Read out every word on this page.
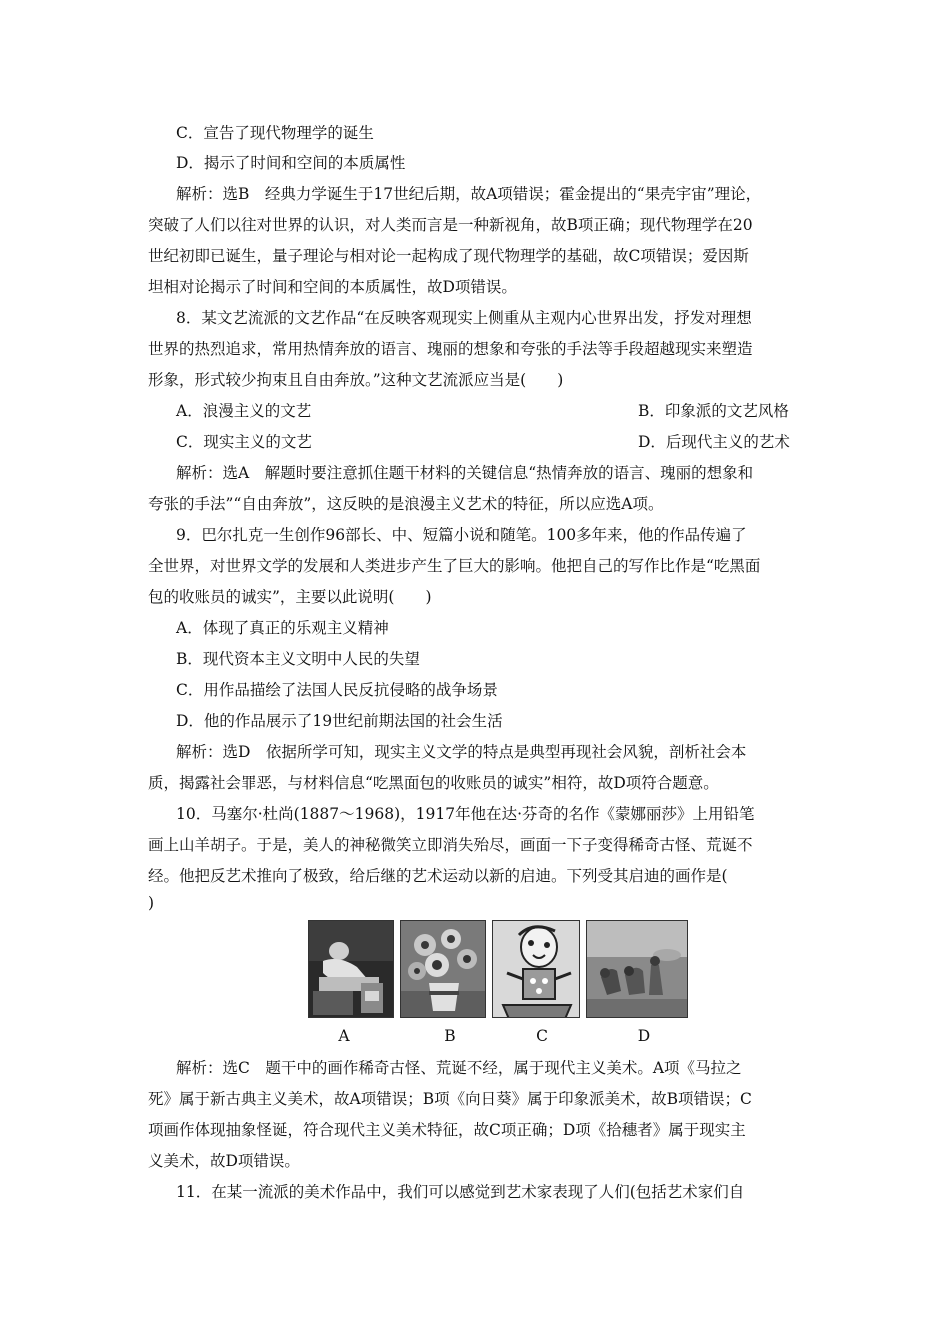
C．宣告了现代物理学的诞生
D．揭示了时间和空间的本质属性
解析：选B　经典力学诞生于17世纪后期，故A项错误；霍金提出的“果壳宇宙”理论，
突破了人们以往对世界的认识，对人类而言是一种新视角，故B项正确；现代物理学在20
世纪初即已诞生，量子理论与相对论一起构成了现代物理学的基础，故C项错误；爱因斯
坦相对论揭示了时间和空间的本质属性，故D项错误。
8．某文艺流派的文艺作品“在反映客观现实上侧重从主观内心世界出发，抒发对理想
世界的热烈追求，常用热情奔放的语言、瑰丽的想象和夸张的手法等手段超越现实来塑造
形象，形式较少拘束且自由奔放。”这种文艺流派应当是(　　)
A．浪漫主义的文艺	B．印象派的文艺风格
C．现实主义的文艺	D．后现代主义的艺术
解析：选A　解题时要注意抓住题干材料的关键信息“热情奔放的语言、瑰丽的想象和
夸张的手法”“自由奔放”，这反映的是浪漫主义艺术的特征，所以应选A项。
9．巴尔扎克一生创作96部长、中、短篇小说和随笔。100多年来，他的作品传遍了
全世界，对世界文学的发展和人类进步产生了巨大的影响。他把自己的写作比作是“吃黑面
包的收账员的诚实”，主要以此说明(　　)
A．体现了真正的乐观主义精神
B．现代资本主义文明中人民的失望
C．用作品描绘了法国人民反抗侵略的战争场景
D．他的作品展示了19世纪前期法国的社会生活
解析：选D　依据所学可知，现实主义文学的特点是典型再现社会风貌，剖析社会本
质，揭露社会罪恶，与材料信息“吃黑面包的收账员的诚实”相符，故D项符合题意。
10．马塞尔·杜尚(1887～1968)，1917年他在达·芬奇的名作《蒙娜丽莎》上用铅笔
画上山羊胡子。于是，美人的神秘微笑立即消失殆尽，画面一下子变得稀奇古怪、荒诞不
经。他把反艺术推向了极致，给后继的艺术运动以新的启迪。下列受其启迪的画作是(
)
A	B	C	D
解析：选C　题干中的画作稀奇古怪、荒诞不经，属于现代主义美术。A项《马拉之
死》属于新古典主义美术，故A项错误；B项《向日葵》属于印象派美术，故B项错误；C
项画作体现抽象怪诞，符合现代主义美术特征，故C项正确；D项《拾穗者》属于现实主
义美术，故D项错误。
11．在某一流派的美术作品中，我们可以感觉到艺术家表现了人们(包括艺术家们自
